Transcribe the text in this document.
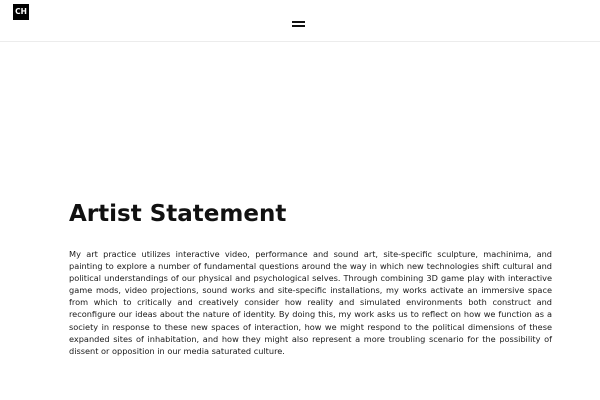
CH
Artist Statement

My art practice utilizes interactive video, performance and sound art, site-specific sculpture, machinima, and painting to explore a number of fundamental questions around the way in which new technologies shift cultural and political understandings of our physical and psychological selves. Through combining 3D game play with interactive game mods, video projections, sound works and site-specific installations, my works activate an immersive space from which to critically and creatively consider how reality and simulated environments both construct and reconfigure our ideas about the nature of identity. By doing this, my work asks us to reflect on how we function as a society in response to these new spaces of interaction, how we might respond to the political dimensions of these expanded sites of inhabitation, and how they might also represent a more troubling scenario for the possibility of dissent or opposition in our media saturated culture.
